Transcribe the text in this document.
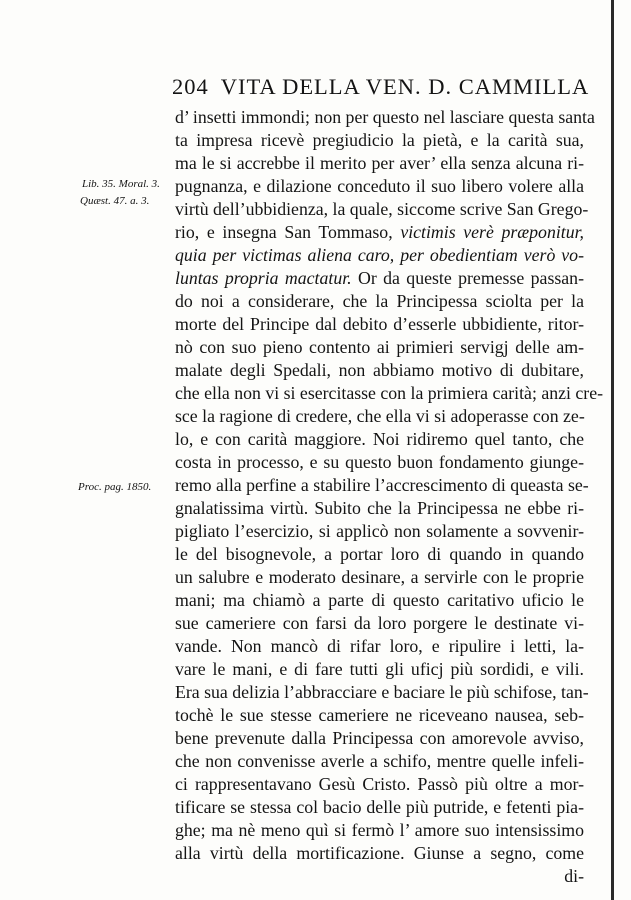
204 VITA DELLA VEN. D. CAMMILLA
Lib. 35. Moral. 3.
Quæst. 47. a. 3.
Proc. pag. 1850.
d’ insetti immondi; non per questo nel lasciare questa santa
ta impresa ricevè pregiudicio la pietà, e la carità sua,
ma le si accrebbe il merito per aver’ ella senza alcuna ri-
pugnanza, e dilazione conceduto il suo libero volere alla
virtù dell’ubbidienza, la quale, siccome scrive San Grego-
rio, e insegna San Tommaso, victimis verè præponitur,
quia per victimas aliena caro, per obedientiam verò vo-
luntas propria mactatur. Or da queste premesse passan-
do noi a considerare, che la Principessa sciolta per la
morte del Principe dal debito d’esserle ubbidiente, ritor-
nò con suo pieno contento ai primieri servigj delle am-
malate degli Spedali, non abbiamo motivo di dubitare,
che ella non vi si esercitasse con la primiera carità; anzi cre-
sce la ragione di credere, che ella vi si adoperasse con ze-
lo, e con carità maggiore. Noi ridiremo quel tanto, che
costa in processo, e su questo buon fondamento giunge-
remo alla perfine a stabilire l’accrescimento di queasta se-
gnalatissima virtù. Subito che la Principessa ne ebbe ri-
pigliato l’esercizio, si applicò non solamente a sovvenir-
le del bisognevole, a portar loro di quando in quando
un salubre e moderato desinare, a servirle con le proprie
mani; ma chiamò a parte di questo caritativo uficio le
sue cameriere con farsi da loro porgere le destinate vi-
vande. Non mancò di rifar loro, e ripulire i letti, la-
vare le mani, e di fare tutti gli uficj più sordidi, e vili.
Era sua delizia l’abbracciare e baciare le più schifose, tan-
tochè le sue stesse cameriere ne riceveano nausea, seb-
bene prevenute dalla Principessa con amorevole avviso,
che non convenisse averle a schifo, mentre quelle infeli-
ci rappresentavano Gesù Cristo. Passò più oltre a mor-
tificare se stessa col bacio delle più putride, e fetenti pia-
ghe; ma nè meno quì si fermò l’ amore suo intensissimo
alla virtù della mortificazione. Giunse a segno, come
di-
